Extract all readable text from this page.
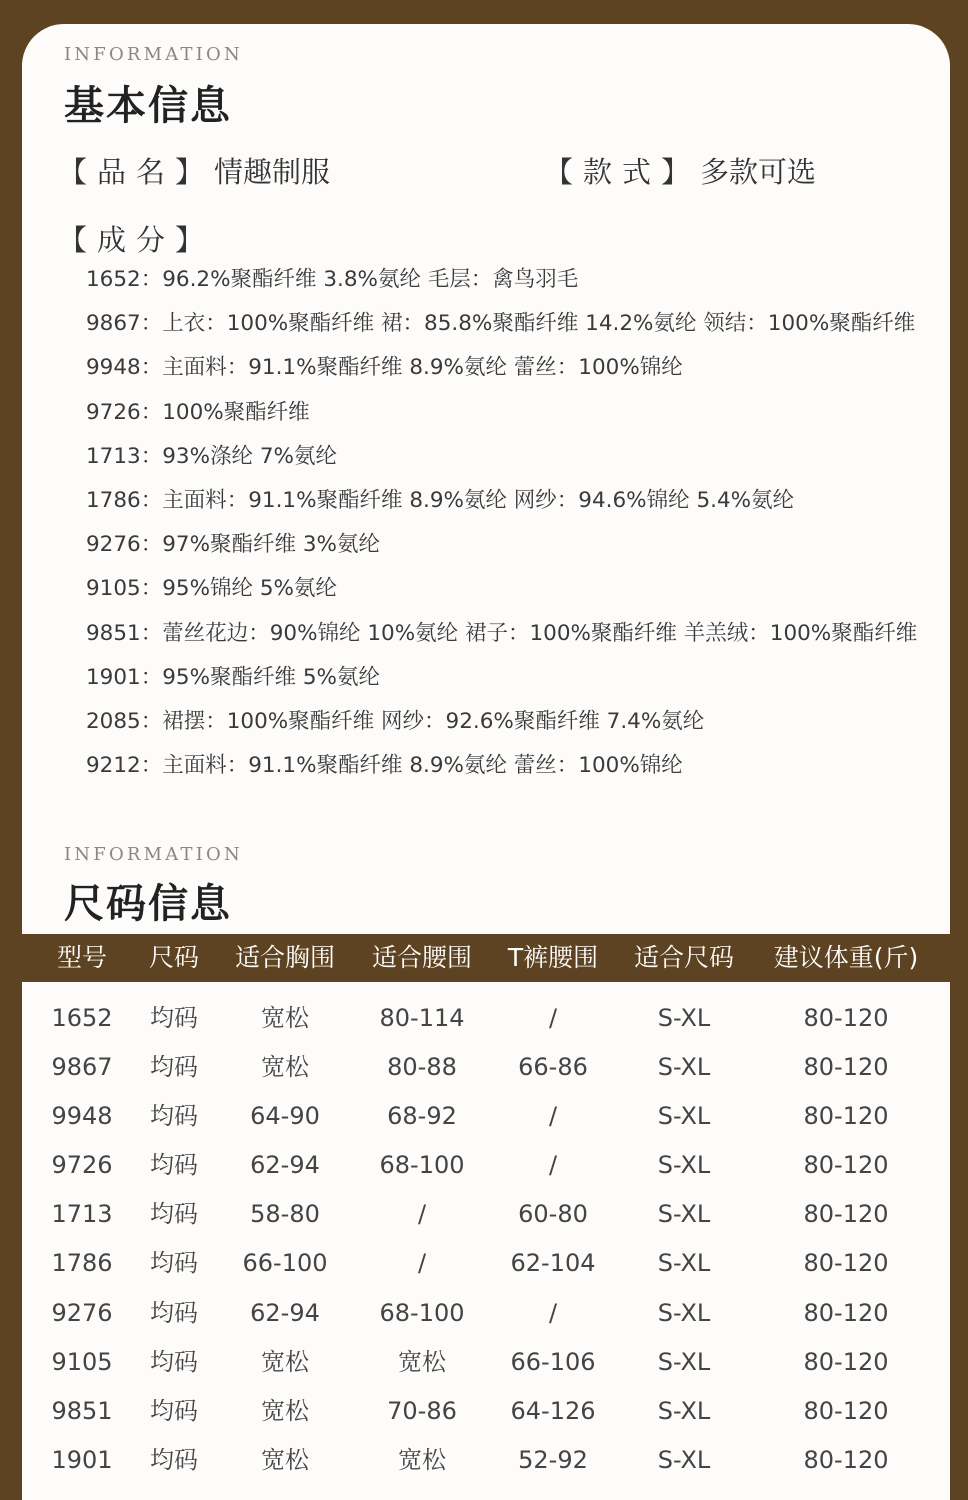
INFORMATION
基本信息
【品名】情趣制服	【款式】多款可选
【成分】
1652：96.2%聚酯纤维 3.8%氨纶 毛层：禽鸟羽毛
9867：上衣：100%聚酯纤维 裙：85.8%聚酯纤维 14.2%氨纶 领结：100%聚酯纤维
9948：主面料：91.1%聚酯纤维 8.9%氨纶 蕾丝：100%锦纶
9726：100%聚酯纤维
1713：93%涤纶 7%氨纶
1786：主面料：91.1%聚酯纤维 8.9%氨纶 网纱：94.6%锦纶 5.4%氨纶
9276：97%聚酯纤维 3%氨纶
9105：95%锦纶 5%氨纶
9851：蕾丝花边：90%锦纶 10%氨纶 裙子：100%聚酯纤维 羊羔绒：100%聚酯纤维
1901：95%聚酯纤维 5%氨纶
2085：裙摆：100%聚酯纤维 网纱：92.6%聚酯纤维 7.4%氨纶
9212：主面料：91.1%聚酯纤维 8.9%氨纶 蕾丝：100%锦纶
INFORMATION
尺码信息
型号 尺码 适合胸围 适合腰围 T裤腰围 适合尺码 建议体重(斤)
1652 均码	宽松	80-114	/	S-XL	80-120
9867 均码	宽松	80-88	66-86	S-XL	80-120
9948 均码 64-90	68-92	/	S-XL	80-120
9726 均码 62-94 68-100	/	S-XL	80-120
1713 均码 58-80	/	60-80	S-XL	80-120
1786 均码 66-100	/	62-104	S-XL	80-120
9276 均码 62-94 68-100	/	S-XL	80-120
9105 均码	宽松	宽松	66-106	S-XL	80-120
9851 均码	宽松	70-86 64-126	S-XL	80-120
1901 均码	宽松	宽松	52-92	S-XL	80-120
